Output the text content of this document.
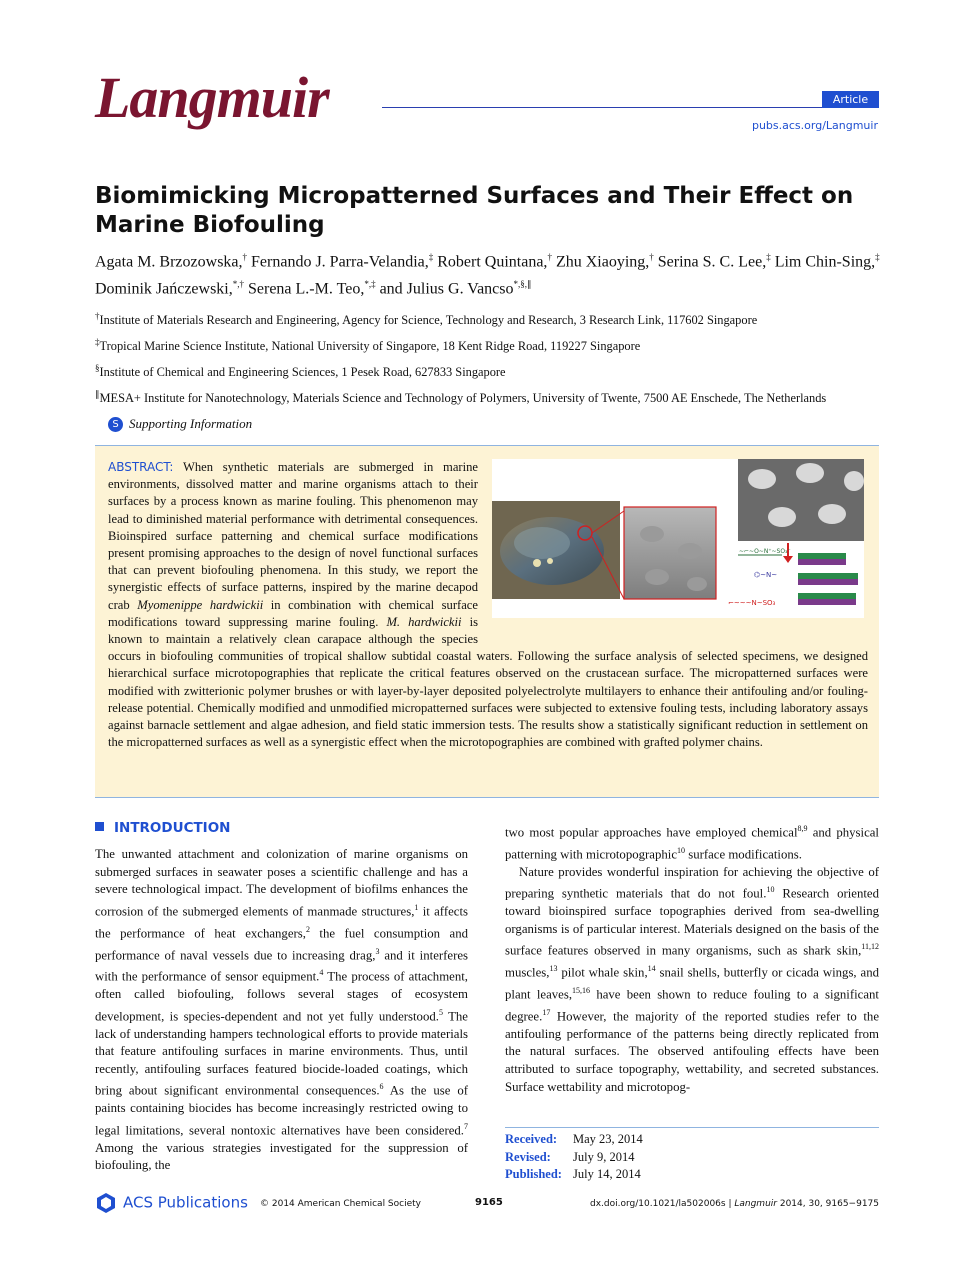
Langmuir	Article
pubs.acs.org/Langmuir
Biomimicking Micropatterned Surfaces and Their Effect on Marine Biofouling
Agata M. Brzozowska,† Fernando J. Parra-Velandia,‡ Robert Quintana,† Zhu Xiaoying,† Serina S. C. Lee,‡ Lim Chin-Sing,‡ Dominik Jańczewski,*,† Serena L.-M. Teo,*,‡ and Julius G. Vancso*,§,∥
†Institute of Materials Research and Engineering, Agency for Science, Technology and Research, 3 Research Link, 117602 Singapore
‡Tropical Marine Science Institute, National University of Singapore, 18 Kent Ridge Road, 119227 Singapore
§Institute of Chemical and Engineering Sciences, 1 Pesek Road, 627833 Singapore
∥MESA+ Institute for Nanotechnology, Materials Science and Technology of Polymers, University of Twente, 7500 AE Enschede, The Netherlands
S Supporting Information
ABSTRACT: When synthetic materials are submerged in marine environments, dissolved matter and marine organisms attach to their surfaces by a process known as marine fouling. This phenomenon may lead to diminished material performance with detrimental consequences. Bioinspired surface patterning and chemical surface modifications present promising approaches to the design of novel functional surfaces that can prevent biofouling phenomena. In this study, we report the synergistic effects of surface patterns, inspired by the marine decapod crab Myomenippe hardwickii in combination with chemical surface modifications toward suppressing marine fouling. M. hardwickii is known to maintain a relatively clean carapace although the species occurs in biofouling communities of tropical shallow subtidal coastal waters. Following the surface analysis of selected specimens, we designed hierarchical surface microtopographies that replicate the critical features observed on the crustacean surface. The micropatterned surfaces were modified with zwitterionic polymer brushes or with layer-by-layer deposited polyelectrolyte multilayers to enhance their antifouling and/or fouling-release potential. Chemically modified and unmodified micropatterned surfaces were subjected to extensive fouling tests, including laboratory assays against barnacle settlement and algae adhesion, and field static immersion tests. The results show a statistically significant reduction in settlement on the micropatterned surfaces as well as a synergistic effect when the microtopographies are combined with grafted polymer chains.
~⌐~O~N⁺~SO₃⁻
⌬~N~
⌐~~~N~SO₃
INTRODUCTION
The unwanted attachment and colonization of marine organisms on submerged surfaces in seawater poses a scientific challenge and has a severe technological impact. The development of biofilms enhances the corrosion of the submerged elements of manmade structures,$^1$ it affects the performance of heat exchangers,$^2$ the fuel consumption and performance of naval vessels due to increasing drag,$^3$ and it interferes with the performance of sensor equipment.$^4$ The process of attachment, often called biofouling, follows several stages of ecosystem development, is species-dependent and not yet fully understood.$^5$ The lack of understanding hampers technological efforts to provide materials that feature antifouling surfaces in marine environments. Thus, until recently, antifouling surfaces featured biocide-loaded coatings, which bring about significant environmental consequences.$^6$ As the use of paints containing biocides has become increasingly restricted owing to legal limitations, several nontoxic alternatives have been considered.$^7$ Among the various strategies investigated for the suppression of biofouling, the
two most popular approaches have employed chemical$^{8,9}$ and physical patterning with microtopographic$^{10}$ surface modifications.
Nature provides wonderful inspiration for achieving the objective of preparing synthetic materials that do not foul.$^{10}$ Research oriented toward bioinspired surface topographies derived from sea-dwelling organisms is of particular interest. Materials designed on the basis of the surface features observed in many organisms, such as shark skin,$^{11,12}$ muscles,$^{13}$ pilot whale skin,$^{14}$ snail shells, butterfly or cicada wings, and plant leaves,$^{15,16}$ have been shown to reduce fouling to a significant degree.$^{17}$ However, the majority of the reported studies refer to the antifouling performance of the patterns being directly replicated from the natural surfaces. The observed antifouling effects have been attributed to surface topography, wettability, and secreted substances. Surface wettability and microtopog-
Received: May 23, 2014
Revised: July 9, 2014
Published: July 14, 2014
ACS Publications © 2014 American Chemical Society	9165	dx.doi.org/10.1021/la502006s | Langmuir 2014, 30, 9165−9175
